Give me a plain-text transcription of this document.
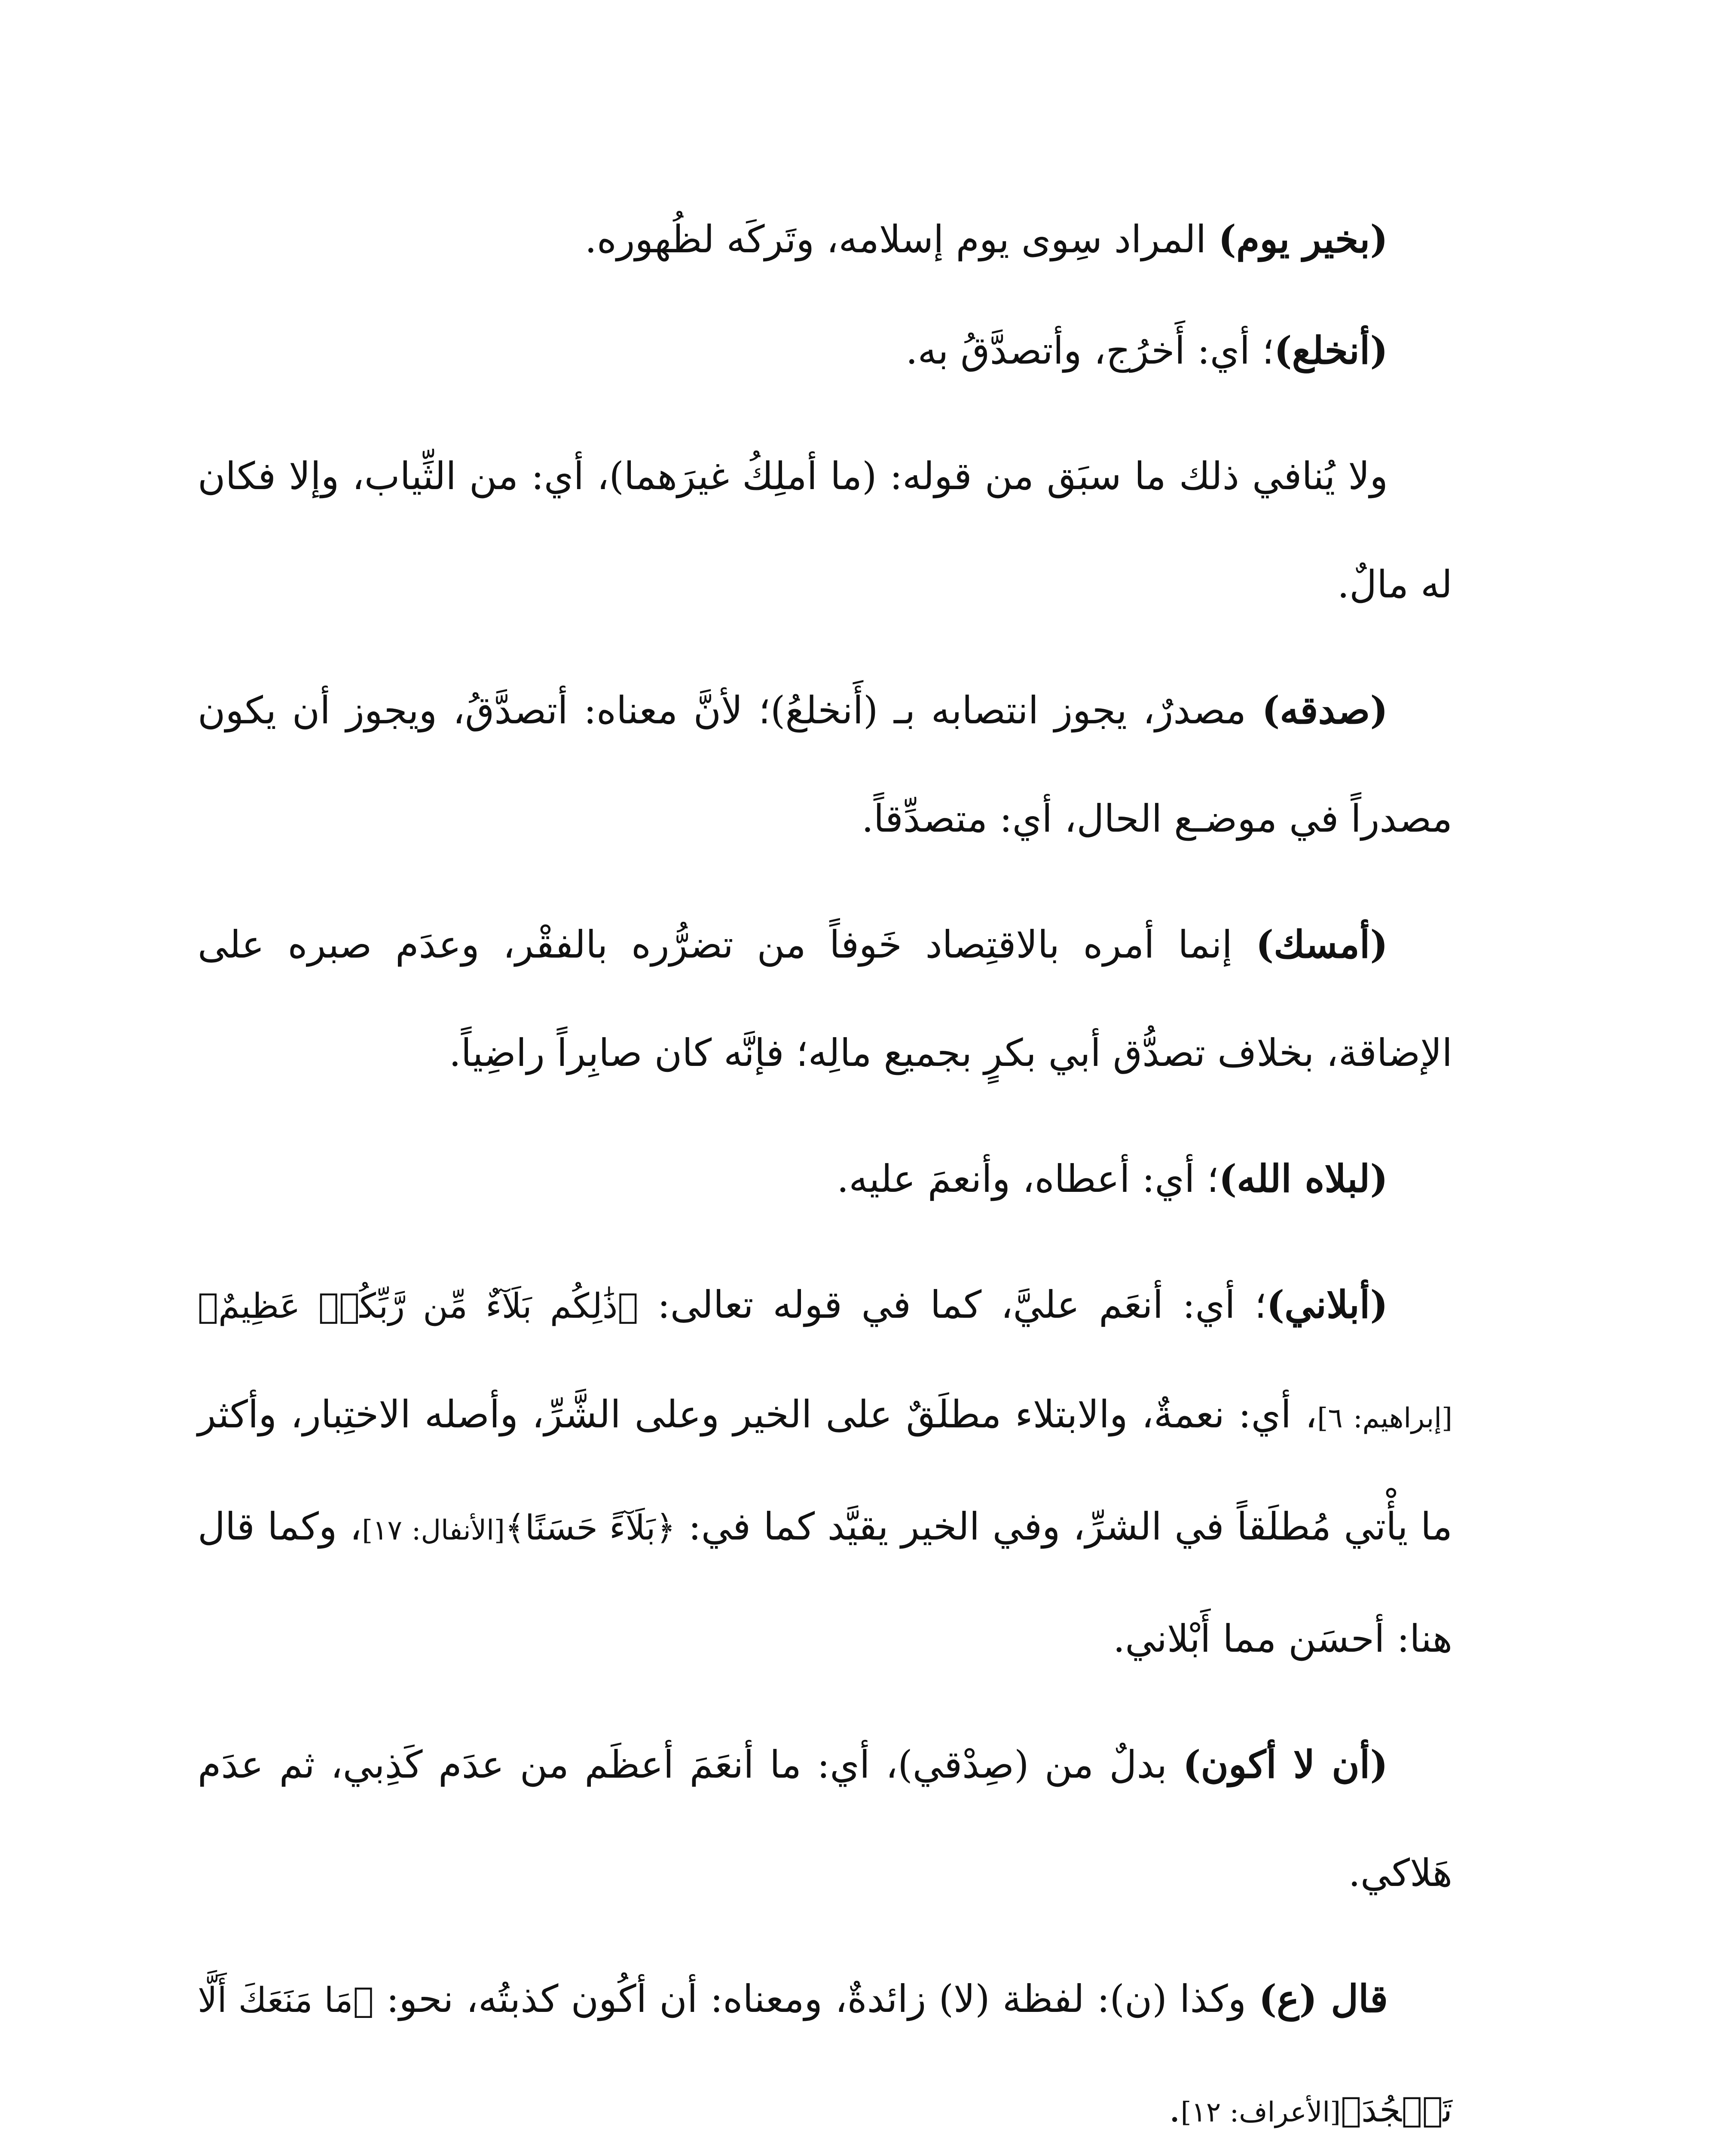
(بخير يوم) المراد سِوى يوم إسلامه، وتَركَه لظُهوره.

(أنخلع)؛ أي: أَخرُج، وأتصدَّقُ به.

ولا يُنافي ذلك ما سبَق من قوله: (ما أملِكُ غيرَهما)، أي: من الثِّياب، وإلا فكان له مالٌ.

(صدقه) مصدرٌ، يجوز انتصابه بـ (أَنخلعُ)؛ لأنَّ معناه: أتصدَّقُ، ويجوز أن يكون مصدراً في موضـع الحال، أي: متصدِّقاً.

(أمسك) إنما أمره بالاقتِصاد خَوفاً من تضرُّره بالفقْر، وعدَم صبره على الإضاقة، بخلاف تصدُّق أبي بكرٍ بجميع مالِه؛ فإنَّه كان صابِراً راضِياً.

(لبلاه الله)؛ أي: أعطاه، وأنعمَ عليه.

(أبلاني)؛ أي: أنعَم عليَّ، كما في قوله تعالى: ﴿ذَٰلِكُم بَلَآءٌ مِّن رَّبِّكُمۡ عَظِيمٌ﴾[إبراهيم: ٦]، أي: نعمةٌ، والابتلاء مطلَقٌ على الخير وعلى الشَّرِّ، وأصله الاختِبار، وأكثر ما يأْتي مُطلَقاً في الشرِّ، وفي الخير يقيَّد كما في: ﴿بَلَآءً حَسَنًا﴾[الأنفال: ١٧]، وكما قال هنا: أحسَن مما أَبْلاني.

(أن لا أكون) بدلٌ من (صِدْقي)، أي: ما أنعَمَ أعظَم من عدَم كَذِبي، ثم عدَم هَلاكي.

قال (ع) وكذا (ن): لفظة (لا) زائدةٌ، ومعناه: أن أكُون كذبتُه، نحو: ﴿مَا مَنَعَكَ أَلَّا تَسۡجُدَ﴾[الأعراف: ١٢].
